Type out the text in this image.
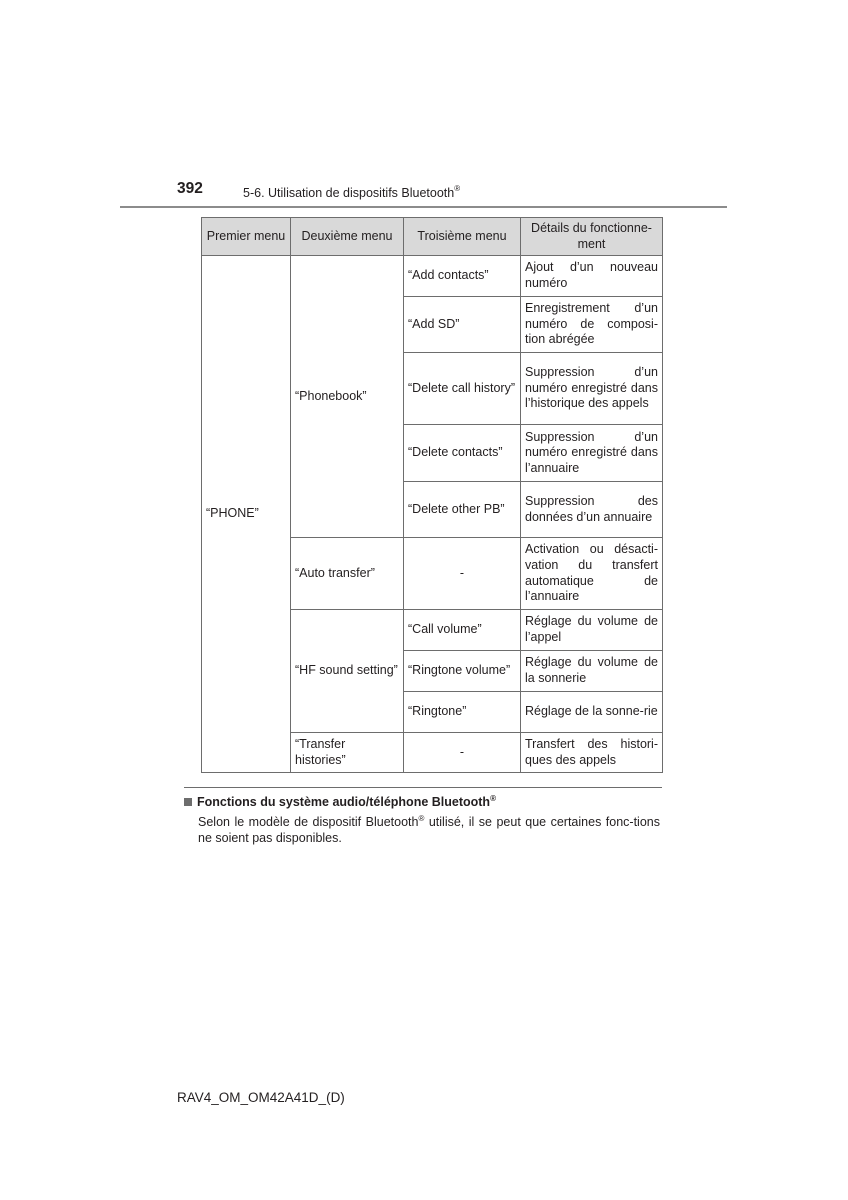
392	5-6. Utilisation de dispositifs Bluetooth®
Premier menu	Deuxième menu	Troisième menu	Détails du fonctionne-ment
“PHONE”	“Phonebook”	“Add contacts”	Ajout d’un nouveau numéro
		“Add SD”	Enregistrement d’un numéro de composi-tion abrégée
		“Delete call history”	Suppression d’un numéro enregistré dans l’historique des appels
		“Delete contacts”	Suppression d’un numéro enregistré dans l’annuaire
		“Delete other PB”	Suppression des données d’un annuaire
	“Auto transfer”	-	Activation ou désacti-vation du transfert automatique de l’annuaire
	“HF sound setting”	“Call volume”	Réglage du volume de l’appel
		“Ringtone volume”	Réglage du volume de la sonnerie
		“Ringtone”	Réglage de la sonne-rie
	“Transfer histories”	-	Transfert des histori-ques des appels
Fonctions du système audio/téléphone Bluetooth®
Selon le modèle de dispositif Bluetooth® utilisé, il se peut que certaines fonc-tions ne soient pas disponibles.
RAV4_OM_OM42A41D_(D)
